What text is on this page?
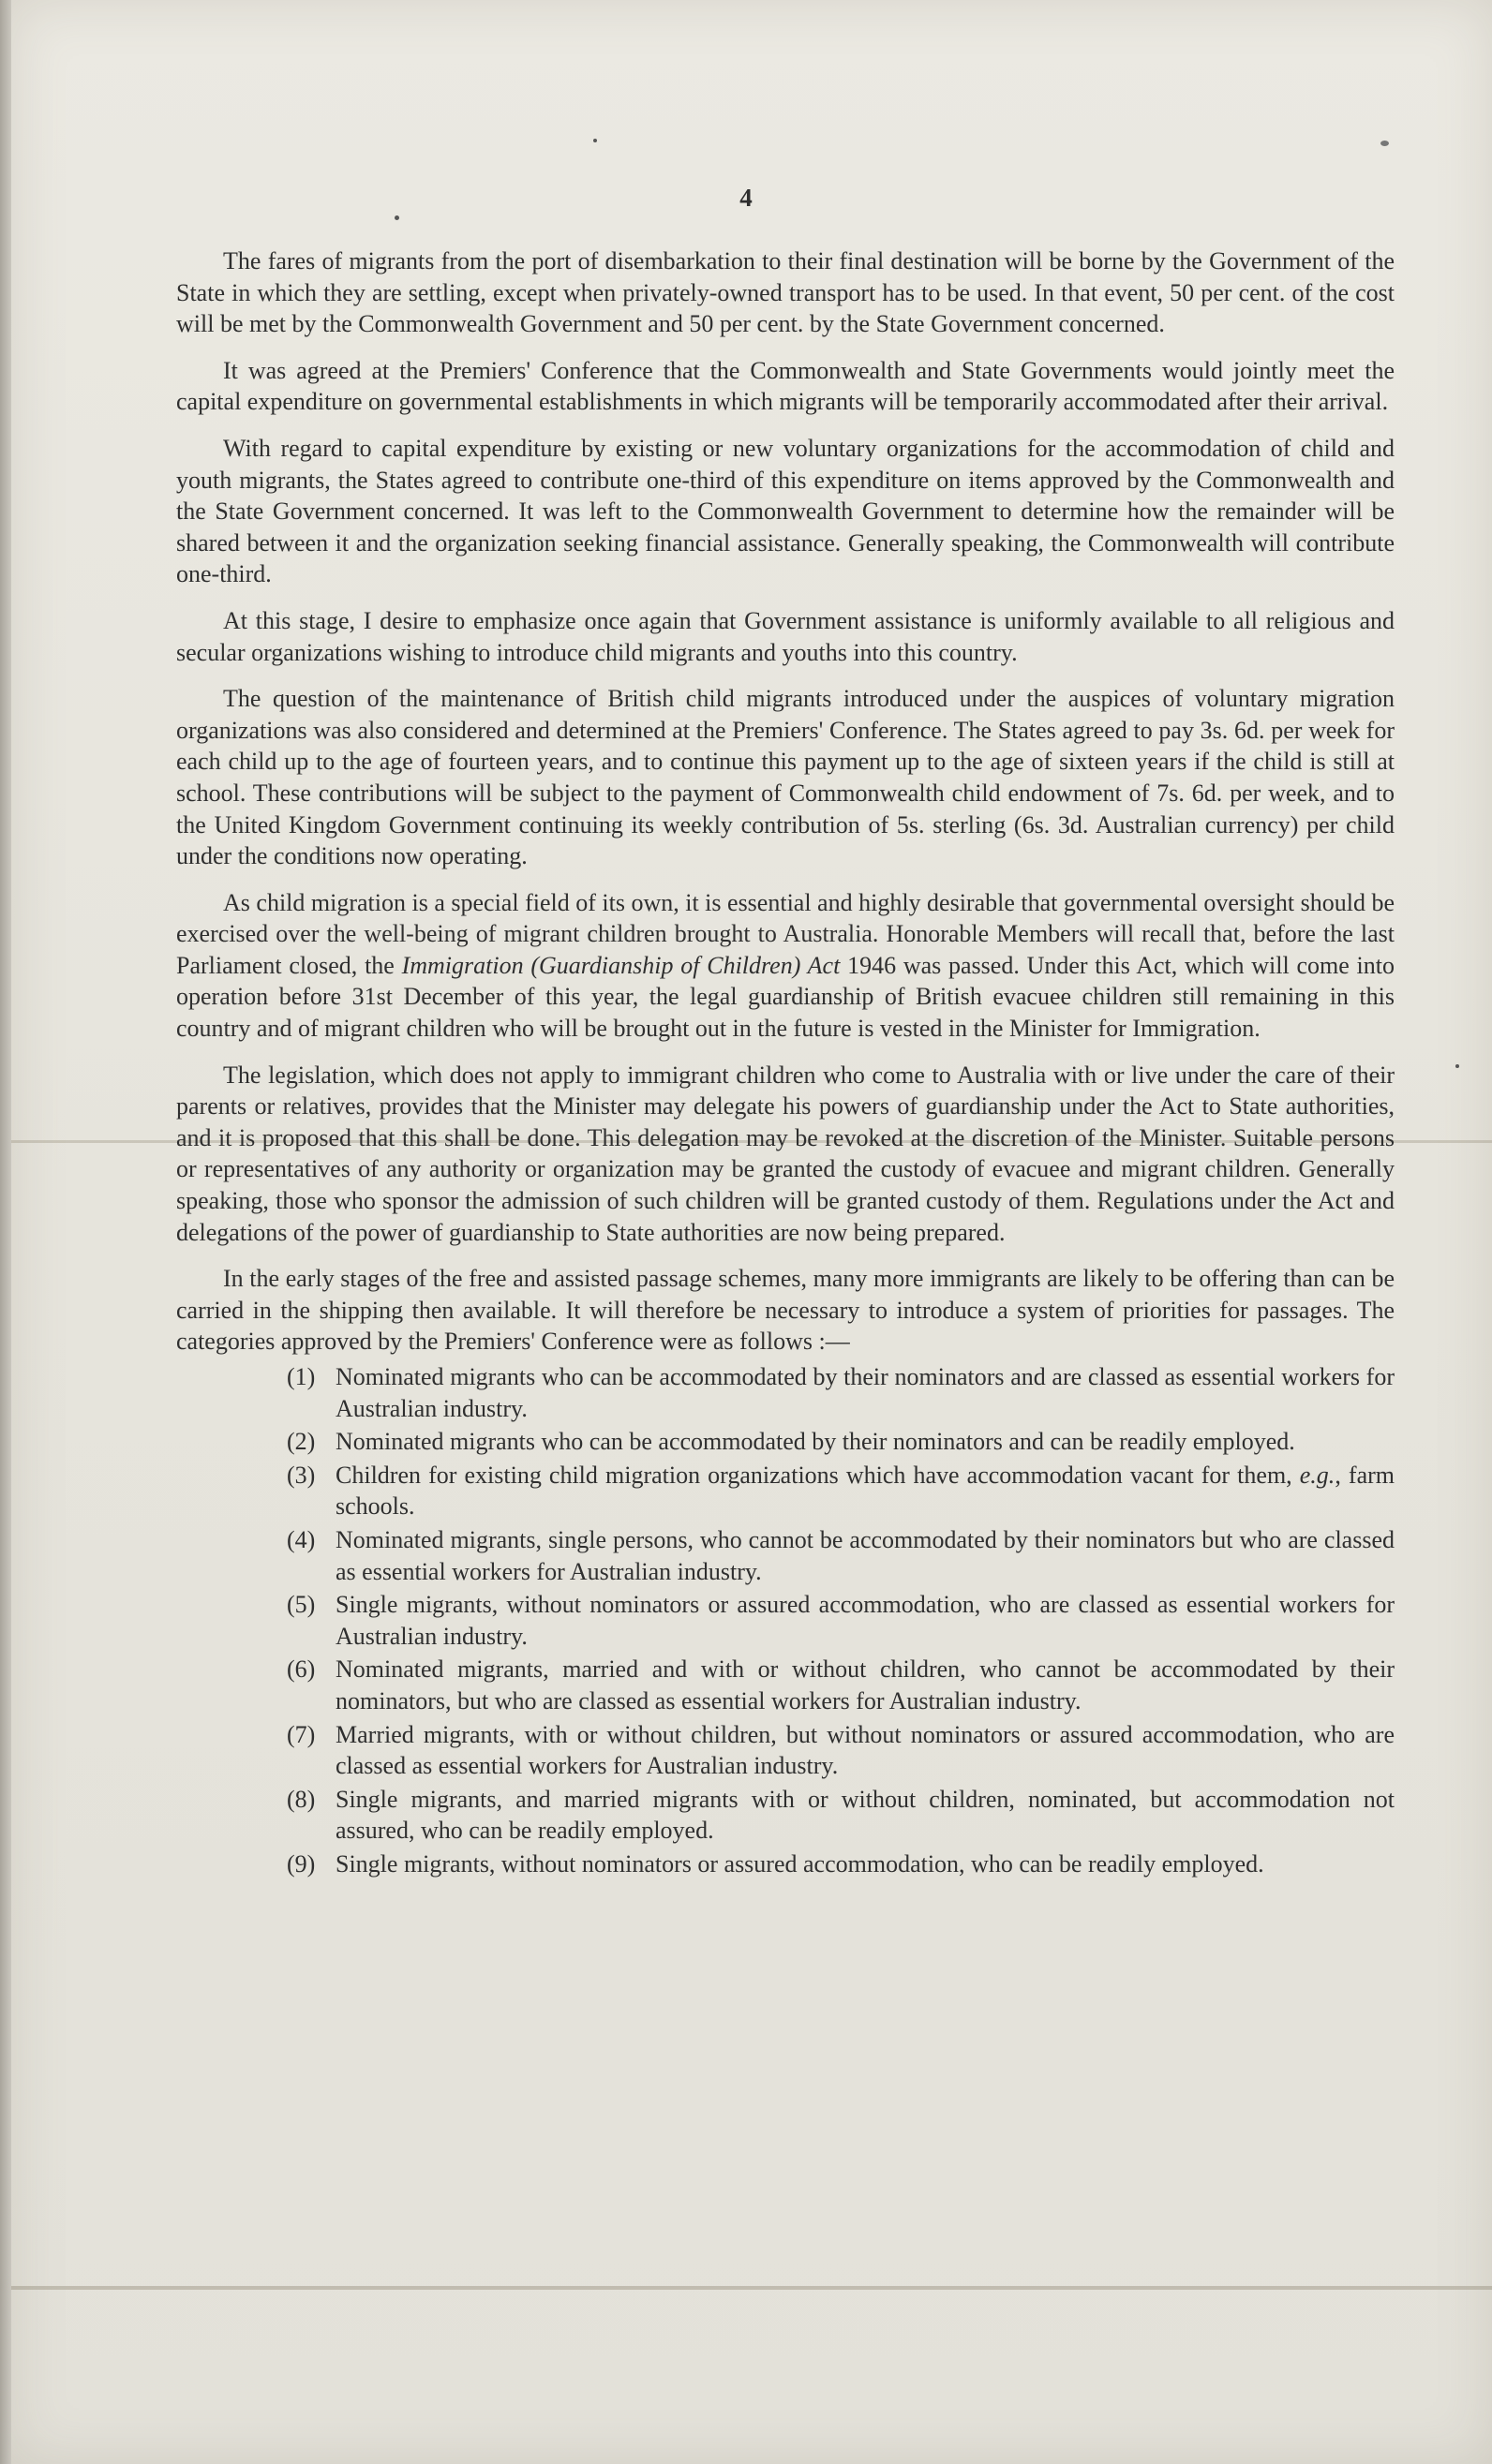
4

The fares of migrants from the port of disembarkation to their final destination will be borne by the Government of the State in which they are settling, except when privately-owned transport has to be used. In that event, 50 per cent. of the cost will be met by the Commonwealth Government and 50 per cent. by the State Government concerned.

It was agreed at the Premiers' Conference that the Commonwealth and State Governments would jointly meet the capital expenditure on governmental establishments in which migrants will be temporarily accommodated after their arrival.

With regard to capital expenditure by existing or new voluntary organizations for the accommodation of child and youth migrants, the States agreed to contribute one-third of this expenditure on items approved by the Commonwealth and the State Government concerned. It was left to the Commonwealth Government to determine how the remainder will be shared between it and the organization seeking financial assistance. Generally speaking, the Commonwealth will contribute one-third.

At this stage, I desire to emphasize once again that Government assistance is uniformly available to all religious and secular organizations wishing to introduce child migrants and youths into this country.

The question of the maintenance of British child migrants introduced under the auspices of voluntary migration organizations was also considered and determined at the Premiers' Conference. The States agreed to pay 3s. 6d. per week for each child up to the age of fourteen years, and to continue this payment up to the age of sixteen years if the child is still at school. These contributions will be subject to the payment of Commonwealth child endowment of 7s. 6d. per week, and to the United Kingdom Government continuing its weekly contribution of 5s. sterling (6s. 3d. Australian currency) per child under the conditions now operating.

As child migration is a special field of its own, it is essential and highly desirable that governmental oversight should be exercised over the well-being of migrant children brought to Australia. Honorable Members will recall that, before the last Parliament closed, the Immigration (Guardianship of Children) Act 1946 was passed. Under this Act, which will come into operation before 31st December of this year, the legal guardianship of British evacuee children still remaining in this country and of migrant children who will be brought out in the future is vested in the Minister for Immigration.

The legislation, which does not apply to immigrant children who come to Australia with or live under the care of their parents or relatives, provides that the Minister may delegate his powers of guardianship under the Act to State authorities, and it is proposed that this shall be done. This delegation may be revoked at the discretion of the Minister. Suitable persons or representatives of any authority or organization may be granted the custody of evacuee and migrant children. Generally speaking, those who sponsor the admission of such children will be granted custody of them. Regulations under the Act and delegations of the power of guardianship to State authorities are now being prepared.

In the early stages of the free and assisted passage schemes, many more immigrants are likely to be offering than can be carried in the shipping then available. It will therefore be necessary to introduce a system of priorities for passages. The categories approved by the Premiers' Conference were as follows :—

(1) Nominated migrants who can be accommodated by their nominators and are classed as essential workers for Australian industry.
(2) Nominated migrants who can be accommodated by their nominators and can be readily employed.
(3) Children for existing child migration organizations which have accommodation vacant for them, e.g., farm schools.
(4) Nominated migrants, single persons, who cannot be accommodated by their nominators but who are classed as essential workers for Australian industry.
(5) Single migrants, without nominators or assured accommodation, who are classed as essential workers for Australian industry.
(6) Nominated migrants, married and with or without children, who cannot be accommodated by their nominators, but who are classed as essential workers for Australian industry.
(7) Married migrants, with or without children, but without nominators or assured accommodation, who are classed as essential workers for Australian industry.
(8) Single migrants, and married migrants with or without children, nominated, but accommodation not assured, who can be readily employed.
(9) Single migrants, without nominators or assured accommodation, who can be readily employed.
